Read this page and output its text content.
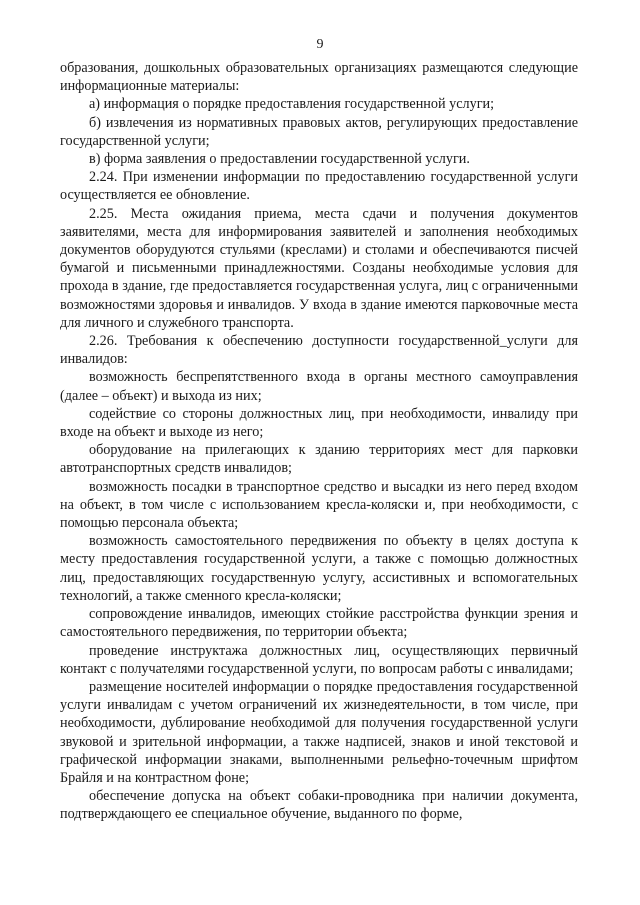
9

образования, дошкольных образовательных организациях размещаются следующие информационные материалы:

а) информация о порядке предоставления государственной услуги;

б) извлечения из нормативных правовых актов, регулирующих предоставление государственной услуги;

в) форма заявления о предоставлении государственной услуги.

2.24. При изменении информации по предоставлению государственной услуги осуществляется ее обновление.

2.25. Места ожидания приема, места сдачи и получения документов заявителями, места для информирования заявителей и заполнения необходимых документов оборудуются стульями (креслами) и столами и обеспечиваются писчей бумагой и письменными принадлежностями. Созданы необходимые условия для прохода в здание, где предоставляется государственная услуга, лиц с ограниченными возможностями здоровья и инвалидов. У входа в здание имеются парковочные места для личного и служебного транспорта.

2.26. Требования к обеспечению доступности государственной_услуги для инвалидов:

возможность беспрепятственного входа в органы местного самоуправления (далее – объект) и выхода из них;

содействие со стороны должностных лиц, при необходимости, инвалиду при входе на объект и выходе из него;

оборудование на прилегающих к зданию территориях мест для парковки автотранспортных средств инвалидов;

возможность посадки в транспортное средство и высадки из него перед входом на объект, в том числе с использованием кресла-коляски и, при необходимости, с помощью персонала объекта;

возможность самостоятельного передвижения по объекту в целях доступа к месту предоставления государственной услуги, а также с помощью должностных лиц, предоставляющих государственную услугу, ассистивных и вспомогательных технологий, а также сменного кресла-коляски;

сопровождение инвалидов, имеющих стойкие расстройства функции зрения и самостоятельного передвижения, по территории объекта;

проведение инструктажа должностных лиц, осуществляющих первичный контакт с получателями государственной услуги, по вопросам работы с инвалидами;

размещение носителей информации о порядке предоставления государственной услуги инвалидам с учетом ограничений их жизнедеятельности, в том числе, при необходимости, дублирование необходимой для получения государственной услуги звуковой и зрительной информации, а также надписей, знаков и иной текстовой и графической информации знаками, выполненными рельефно-точечным шрифтом Брайля и на контрастном фоне;

обеспечение допуска на объект собаки-проводника при наличии документа, подтверждающего ее специальное обучение, выданного по форме,
